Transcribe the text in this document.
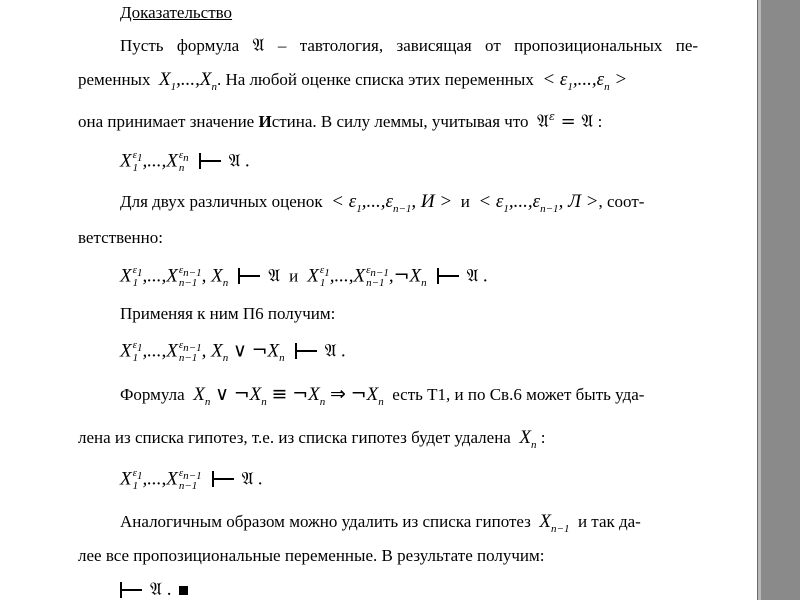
Доказательство
Пусть формула 𝔄 – тавтология, зависящая от пропозициональных пе-
ременных $X_1,...,X_n$. На любой оценке списка этих переменных < $\varepsilon_1,...,\varepsilon_n$ >
она принимает значение Истина. В силу леммы, учитывая что 𝔄$^\varepsilon$ = 𝔄 :
X $\varepsilon_1$
1 ,...,X $\varepsilon_n$
n 𝔄 .
Для двух различных оценок < $\varepsilon_1,...,\varepsilon_{n-1}$, $И > и < \varepsilon_1,...,\varepsilon_{n-1}$, Л >, соот-
ветственно:
X $\varepsilon_1$
1 ,...,X $\varepsilon_{n-1}$
n−1 , $X_n$ 𝔄  и  X $\varepsilon_1$
1 ,...,X $\varepsilon_{n-1}$
n−1 $,\neg X_n$ 𝔄 .
Применяя к ним П6 получим:
X $\varepsilon_1$
1 ,...,X $\varepsilon_{n-1}$
n−1 , $X_n$ ∨ $\neg X_n$ 𝔄 .
Формула $X_n$ ∨ $\neg X_n$ ≡ $\neg X_n$ ⇒ $\neg X_n$ есть Т1, и по Св.6 может быть уда-
лена из списка гипотез, т.е. из списка гипотез будет удалена $X_n$ :
X $\varepsilon_1$
1 ,...,X $\varepsilon_{n-1}$
n−1 𝔄 .
Аналогичным образом можно удалить из списка гипотез $X_{n-1}$ и так да-
лее все пропозициональные переменные. В результате получим:
𝔄 .
